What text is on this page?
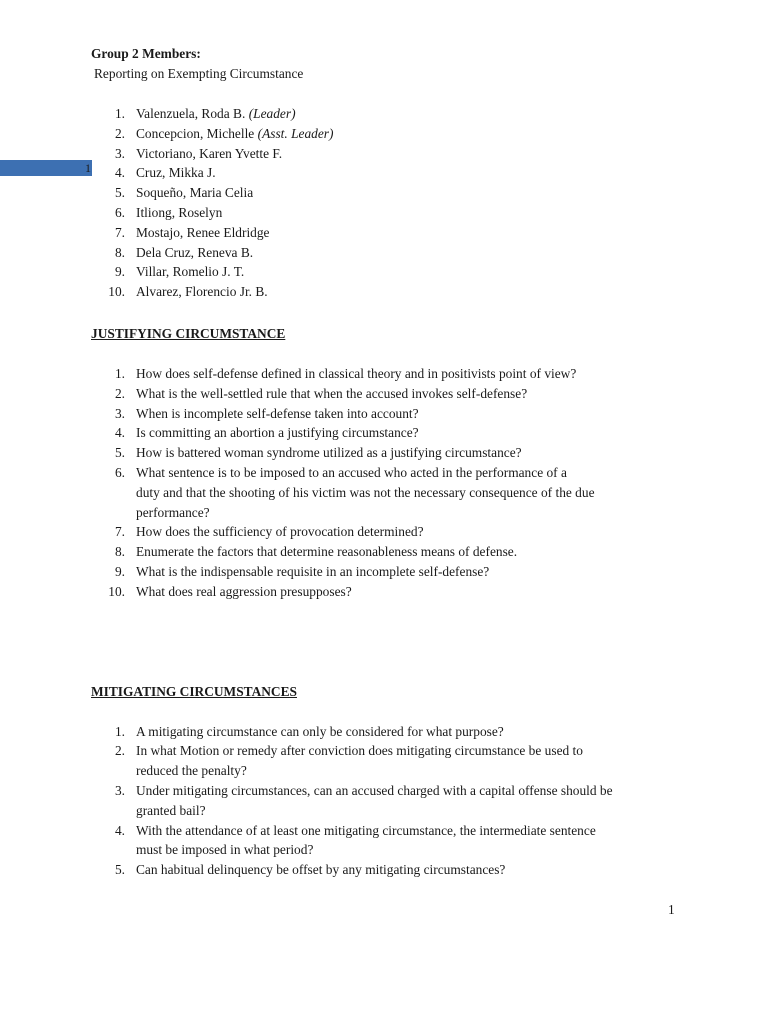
1

Group 2 Members:

Reporting on Exempting Circumstance

1. Valenzuela, Roda B. (Leader)
2. Concepcion, Michelle (Asst. Leader)
3. Victoriano, Karen Yvette F.
4. Cruz, Mikka J.
5. Soqueño, Maria Celia
6. Itliong, Roselyn
7. Mostajo, Renee Eldridge
8. Dela Cruz, Reneva B.
9. Villar, Romelio J. T.
10. Alvarez, Florencio Jr. B.

JUSTIFYING CIRCUMSTANCE

1. How does self-defense defined in classical theory and in positivists point of view?
2. What is the well-settled rule that when the accused invokes self-defense?
3. When is incomplete self-defense taken into account?
4. Is committing an abortion a justifying circumstance?
5. How is battered woman syndrome utilized as a justifying circumstance?
6. What sentence is to be imposed to an accused who acted in the performance of a
duty and that the shooting of his victim was not the necessary consequence of the due
performance?
7. How does the sufficiency of provocation determined?
8. Enumerate the factors that determine reasonableness means of defense.
9. What is the indispensable requisite in an incomplete self-defense?
10. What does real aggression presupposes?

MITIGATING CIRCUMSTANCES

1. A mitigating circumstance can only be considered for what purpose?
2. In what Motion or remedy after conviction does mitigating circumstance be used to
reduced the penalty?
3. Under mitigating circumstances, can an accused charged with a capital offense should be
granted bail?
4. With the attendance of at least one mitigating circumstance, the intermediate sentence
must be imposed in what period?
5. Can habitual delinquency be offset by any mitigating circumstances?
1
